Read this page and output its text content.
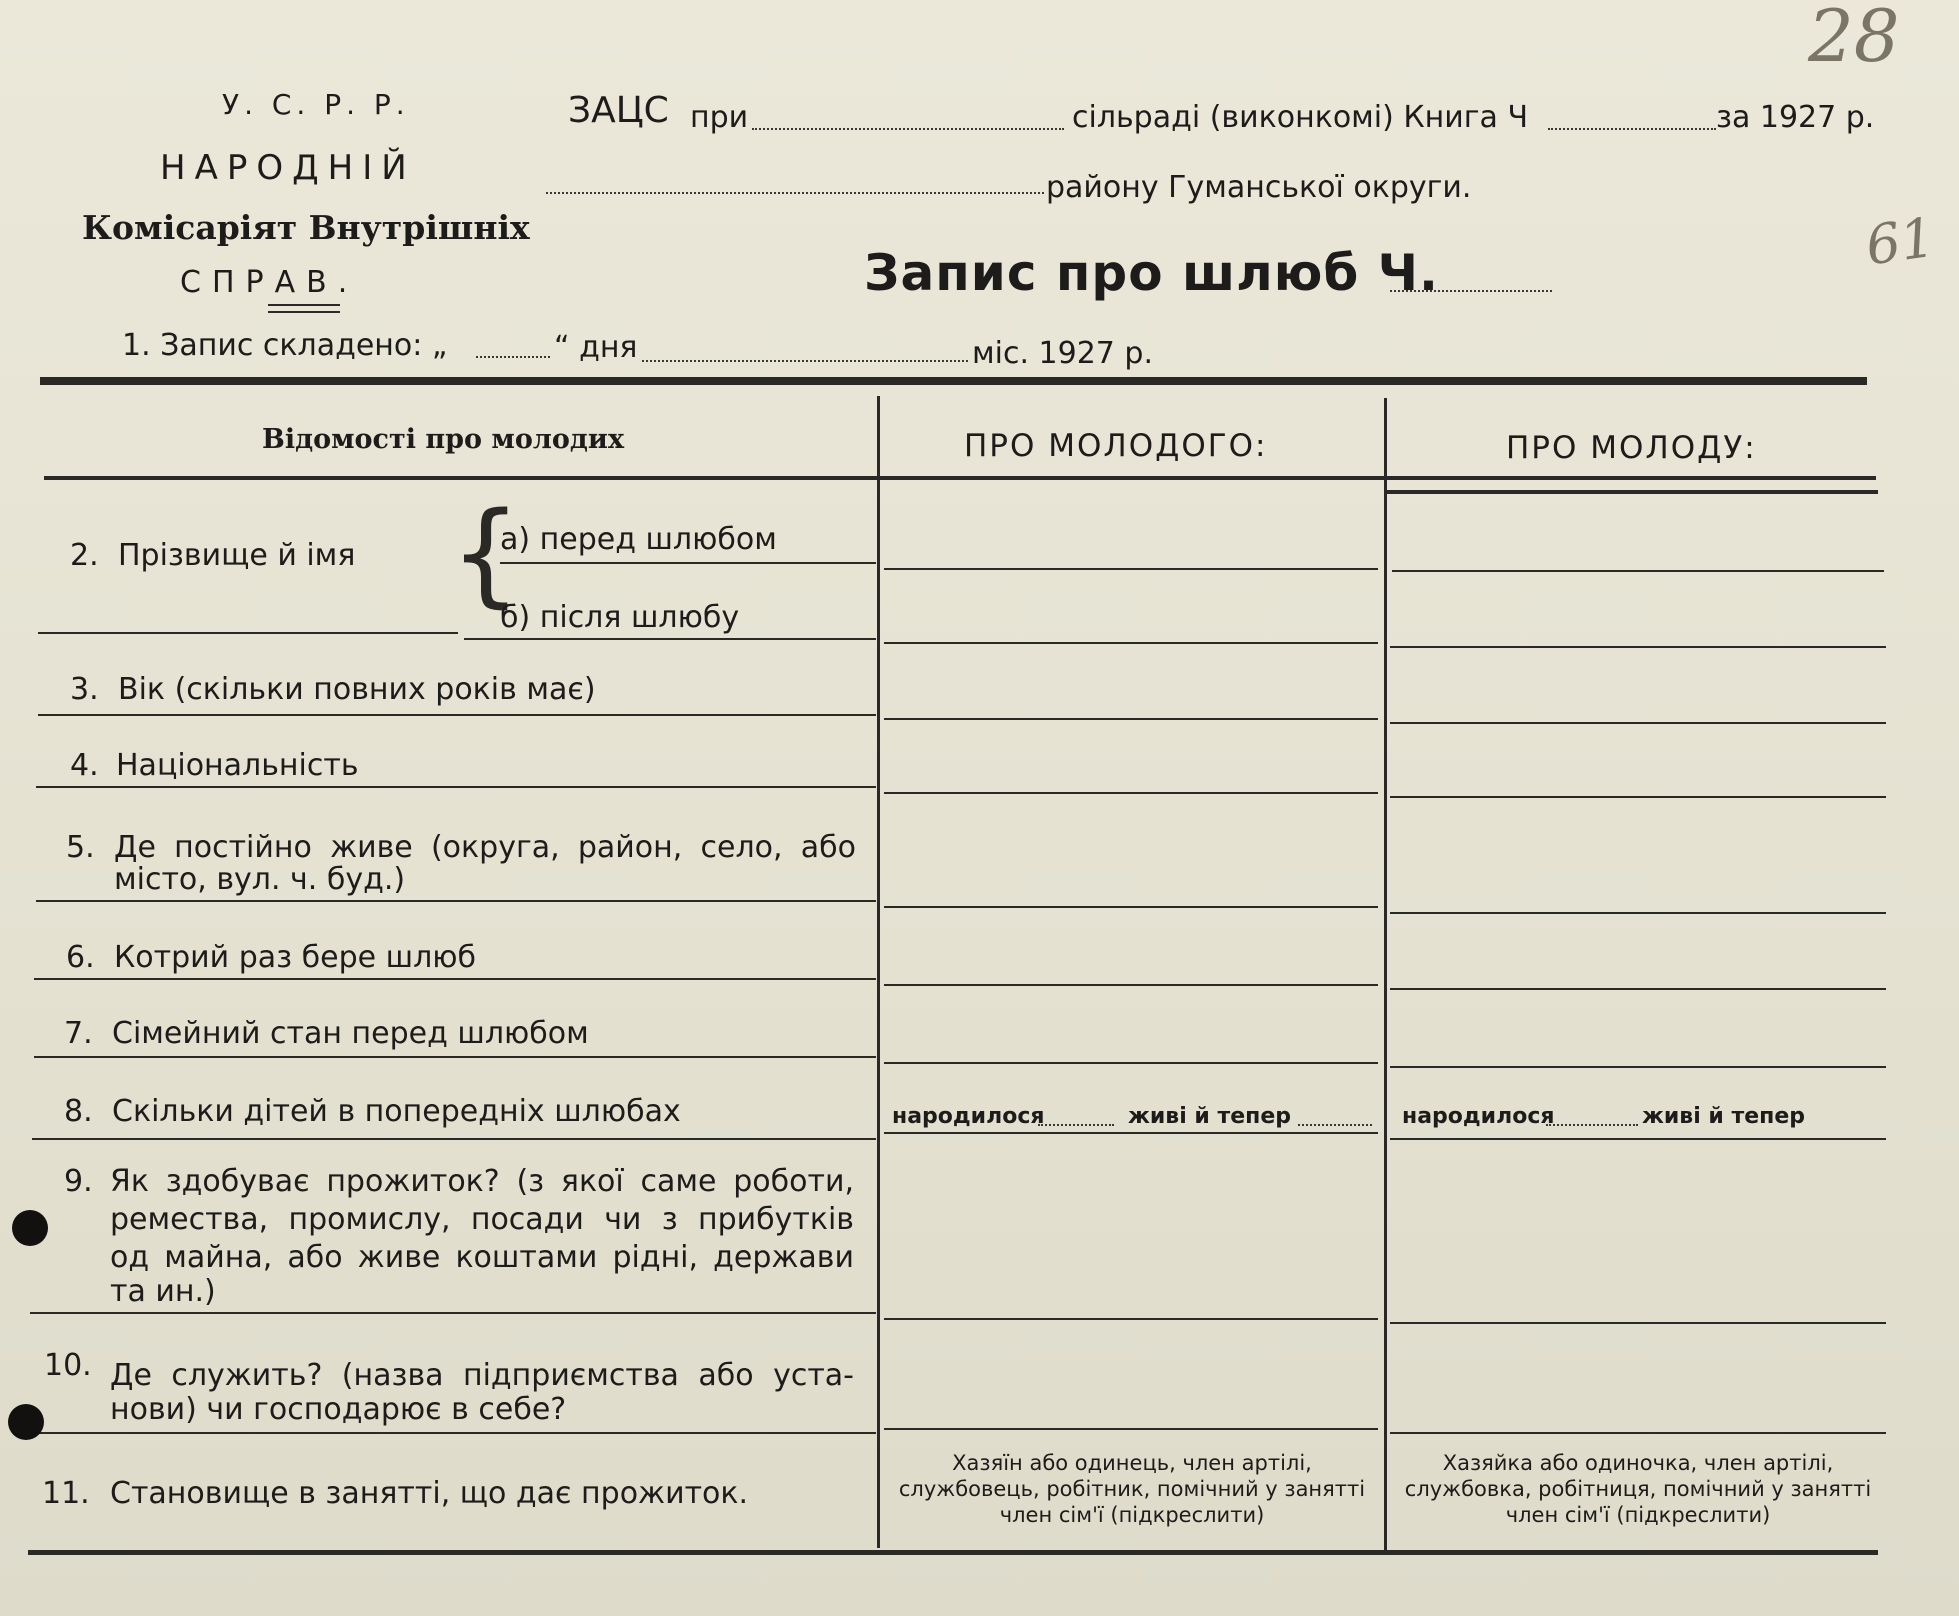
28
61
У. С. Р. Р.
НАРОДНІЙ
Комісаріят Внутрішніх
СПРАВ.
ЗАЦС при	сільраді (виконкомі) Книга Ч	за 1927 р.
району Гуманської округи.
Запис про шлюб Ч.
1. Запис складено: „	“ дня	міс. 1927 р.
Відомості про молодих	ПРО МОЛОДОГО:	ПРО МОЛОДУ:
2. Прізвище й імя {
а) перед шлюбом
б) після шлюбу
3. Вік (скільки повних років має)
4. Національність
5. Де постійно живе (округа, район, село, або
місто, вул. ч. буд.)
6. Котрий раз бере шлюб
7. Сімейний стан перед шлюбом
8. Скільки дітей в попередніх шлюбах	народилося	живі й тепер	народилося	живі й тепер
9. Як здобуває прожиток? (з якої саме роботи,
ремества, промислу, посади чи з прибутків
од майна, або живе коштами рідні, держави
та ин.)
10. Де служить? (назва підприємства або уста-
нови) чи господарює в себе?
11. Становище в занятті, що дає прожиток.
Хазяїн або одинець, член артілі, службовець, робітник, помічний у занятті член сім'ї (підкреслити)
Хазяйка або одиночка, член артілі, службовка, робітниця, помічний у занятті член сім'ї (підкреслити)
